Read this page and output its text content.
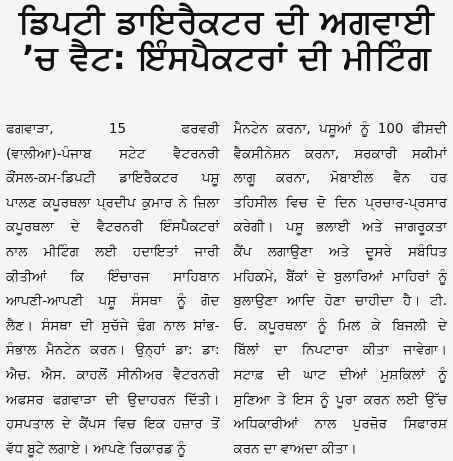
ਡਿਪਟੀ ਡਾਇਰੈਕਟਰ ਦੀ ਅਗਵਾਈ
’ਚ ਵੈਟ: ਇੰਸਪੈਕਟਰਾਂ ਦੀ ਮੀਟਿੰਗ
ਫਗਵਾੜਾ, 15 ਫਰਵਰੀ
(ਵਾਲੀਆ)-ਪੰਜਾਬ ਸਟੇਟ ਵੈਟਰਨਰੀ
ਕੌਂਸਲ-ਕਮ-ਡਿਪਟੀ ਡਾਇਰੈਕਟਰ ਪਸ਼ੂ
ਪਾਲਣ ਕਪੂਰਥਲਾ ਪ੍ਰਦੀਪ ਕੁਮਾਰ ਨੇ ਜ਼ਿਲਾ
ਕਪੂਰਥਲਾ ਦੇ ਵੈਟਰਨਰੀ ਇੰਸਪੈਕਟਰਾਂ
ਨਾਲ ਮੀਟਿੰਗ ਲਈ ਹਦਾਇਤਾਂ ਜਾਰੀ
ਕੀਤੀਆਂ ਕਿ ਇੰਚਾਰਜ ਸਾਹਿਬਾਨ
ਆਪਣੀ-ਆਪਣੀ ਪਸ਼ੂ ਸੰਸਥਾ ਨੂੰ ਗੋਦ
ਲੈਣ। ਸੰਸਥਾ ਦੀ ਸੁਚੱਜੇ ਢੰਗ ਨਾਲ ਸਾਂਭ-
ਸੰਭਾਲ ਮੈਨਟੇਨ ਕਰਨ। ਉਨ੍ਹਾਂ ਡਾ: ਡਾ:
ਐਚ. ਐਸ. ਕਾਹਲੋਂ ਸੀਨੀਅਰ ਵੈਟਰਨਰੀ
ਅਫਸਰ ਫਗਵਾੜਾ ਦੀ ਉਦਾਹਰਨ ਦਿੱਤੀ।
ਹਸਪਤਾਲ ਦੇ ਕੈਂਪਸ ਵਿਚ ਇਕ ਹਜ਼ਾਰ ਤੋਂ
ਵੱਧ ਬੂਟੇ ਲਗਾਏ। ਆਪਣੇ ਰਿਕਾਰਡ ਨੂੰ
ਮੈਨਟੇਨ ਕਰਨਾ, ਪਸ਼ੂਆਂ ਨੂੰ 100 ਫੀਸਦੀ
ਵੈਕਸੀਨੇਸ਼ਨ ਕਰਨਾ, ਸਰਕਾਰੀ ਸਕੀਮਾਂ
ਲਾਗੂ ਕਰਨਾ, ਮੋਬਾਈਲ ਵੈਨ ਹਰ
ਤਹਿਸੀਲ ਵਿਚ ਦੋ ਦਿਨ ਪ੍ਰਚਾਰ-ਪ੍ਰਸਾਰ
ਕਰੇਗੀ। ਪਸ਼ੂ ਭਲਾਈ ਅਤੇ ਜਾਗਰੂਕਤਾ
ਕੈਂਪ ਲਗਾਉਣਾ ਅਤੇ ਦੂਸਰੇ ਸਬੰਧਿਤ
ਮਹਿਕਮੇ, ਬੈਂਕਾਂ ਦੇ ਬੁਲਾਰਿਆਂ ਮਾਹਿਰਾਂ ਨੂੰ
ਬੁਲਾਉਣਾ ਆਦਿ ਹੋਣਾ ਚਾਹੀਦਾ ਹੈ। ਟੀ.
ਓ. ਕਪੂਰਥਲਾ ਨੂੰ ਮਿਲ ਕੇ ਬਿਜਲੀ ਦੇ
ਬਿੱਲਾਂ ਦਾ ਨਿਪਟਾਰਾ ਕੀਤਾ ਜਾਵੇਗਾ।
ਸਟਾਫ਼ ਦੀ ਘਾਟ ਦੀਆਂ ਮੁਸ਼ਕਿਲਾਂ ਨੂੰ
ਸੁਣਿਆ ਤੇ ਇਸ ਨੂੰ ਪੂਰਾ ਕਰਨ ਲਈ ਉੱਚ
ਅਧਿਕਾਰੀਆਂ ਨਾਲ ਪੁਰਜ਼ੋਰ ਸਿਫਾਰਸ਼
ਕਰਨ ਦਾ ਵਾਅਦਾ ਕੀਤਾ।
